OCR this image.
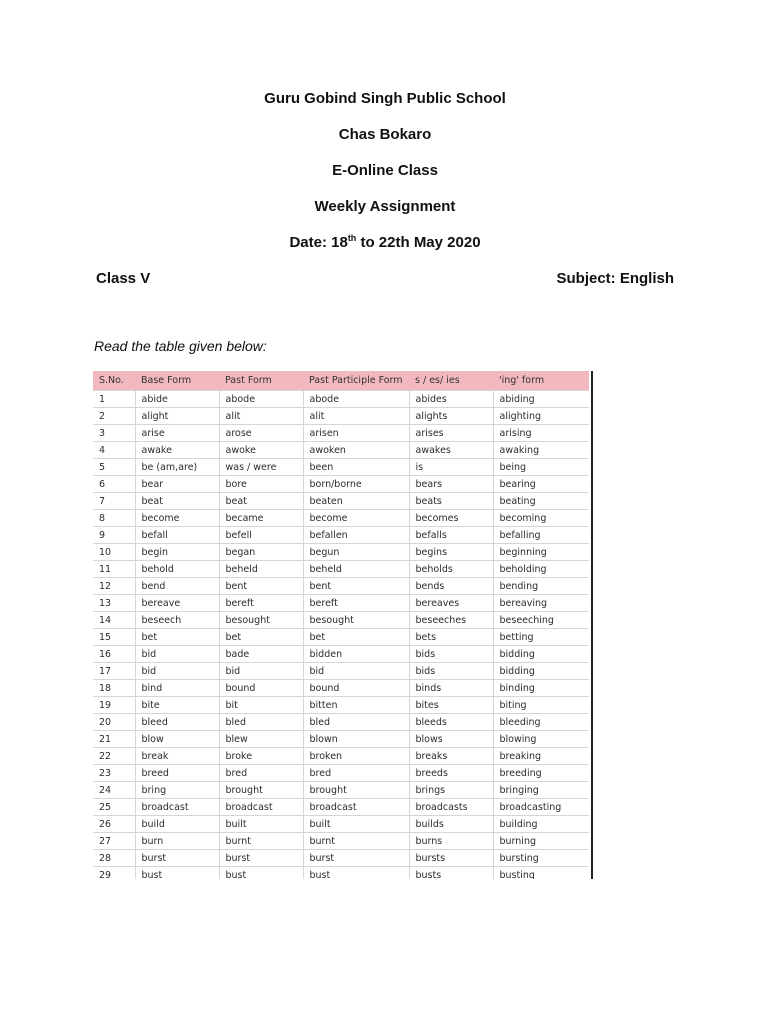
Guru Gobind Singh Public School
Chas Bokaro
E-Online Class
Weekly Assignment
Date: 18th to 22th May 2020
Class V	Subject: English
Read the table given below:
S.No.	Base Form	Past Form	Past Participle Form	s / es/ ies	'ing' form
1	abide	abode	abode	abides	abiding
2	alight	alit	alit	alights	alighting
3	arise	arose	arisen	arises	arising
4	awake	awoke	awoken	awakes	awaking
5	be (am,are)	was / were	been	is	being
6	bear	bore	born/borne	bears	bearing
7	beat	beat	beaten	beats	beating
8	become	became	become	becomes	becoming
9	befall	befell	befallen	befalls	befalling
10	begin	began	begun	begins	beginning
11	behold	beheld	beheld	beholds	beholding
12	bend	bent	bent	bends	bending
13	bereave	bereft	bereft	bereaves	bereaving
14	beseech	besought	besought	beseeches	beseeching
15	bet	bet	bet	bets	betting
16	bid	bade	bidden	bids	bidding
17	bid	bid	bid	bids	bidding
18	bind	bound	bound	binds	binding
19	bite	bit	bitten	bites	biting
20	bleed	bled	bled	bleeds	bleeding
21	blow	blew	blown	blows	blowing
22	break	broke	broken	breaks	breaking
23	breed	bred	bred	breeds	breeding
24	bring	brought	brought	brings	bringing
25	broadcast	broadcast	broadcast	broadcasts	broadcasting
26	build	built	built	builds	building
27	burn	burnt	burnt	burns	burning
28	burst	burst	burst	bursts	bursting
29	bust	bust	bust	busts	busting
